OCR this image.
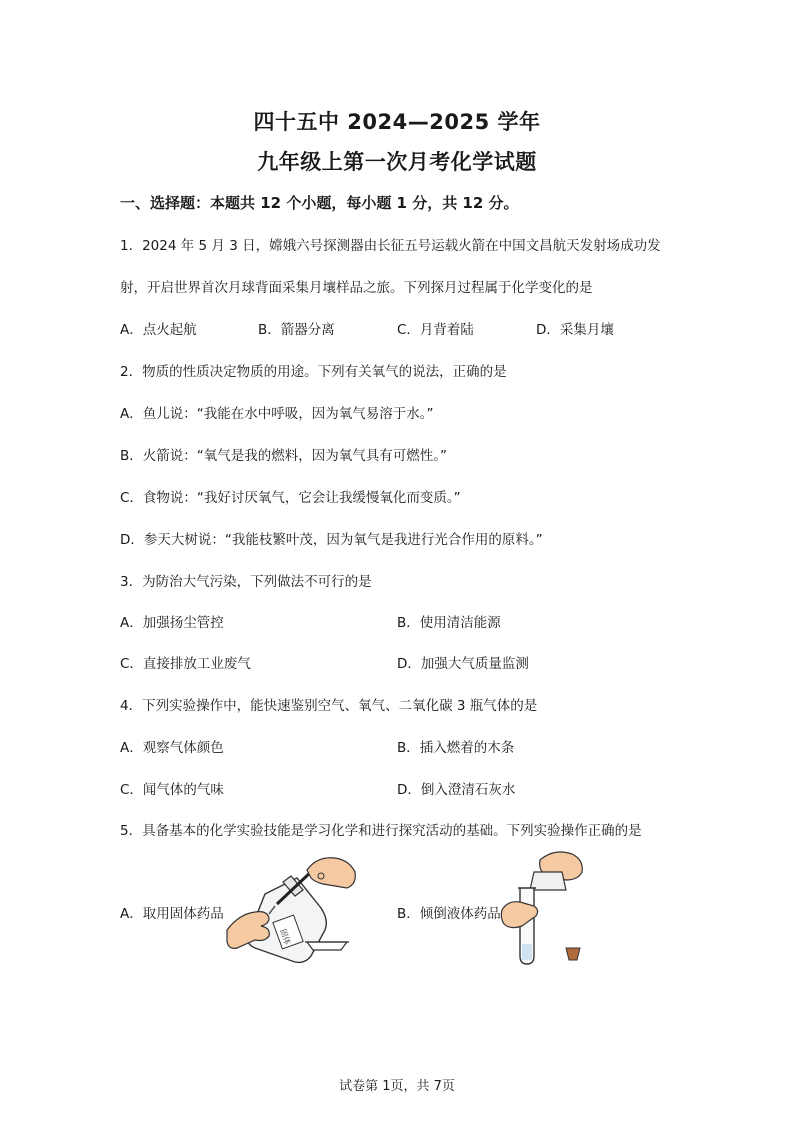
四十五中 2024—2025 学年
九年级上第一次月考化学试题
一、选择题：本题共 12 个小题，每小题 1 分，共 12 分。
1．2024 年 5 月 3 日，嫦娥六号探测器由长征五号运载火箭在中国文昌航天发射场成功发
射，开启世界首次月球背面采集月壤样品之旅。下列探月过程属于化学变化的是
A．点火起航	B．箭器分离	C．月背着陆	D．采集月壤
2．物质的性质决定物质的用途。下列有关氧气的说法，正确的是
A．鱼儿说：“我能在水中呼吸，因为氧气易溶于水。”
B．火箭说：“氧气是我的燃料，因为氧气具有可燃性。”
C．食物说：“我好讨厌氧气，它会让我缓慢氧化而变质。”
D．参天大树说：“我能枝繁叶茂，因为氧气是我进行光合作用的原料。”
3．为防治大气污染，下列做法不可行的是
A．加强扬尘管控	B．使用清洁能源
C．直接排放工业废气	D．加强大气质量监测
4．下列实验操作中，能快速鉴别空气、氧气、二氧化碳 3 瓶气体的是
A．观察气体颜色	B．插入燃着的木条
C．闻气体的气味	D．倒入澄清石灰水
5．具备基本的化学实验技能是学习化学和进行探究活动的基础。下列实验操作正确的是
A．取用固体药品	B．倾倒液体药品
固体
试卷第 1页，共 7页
